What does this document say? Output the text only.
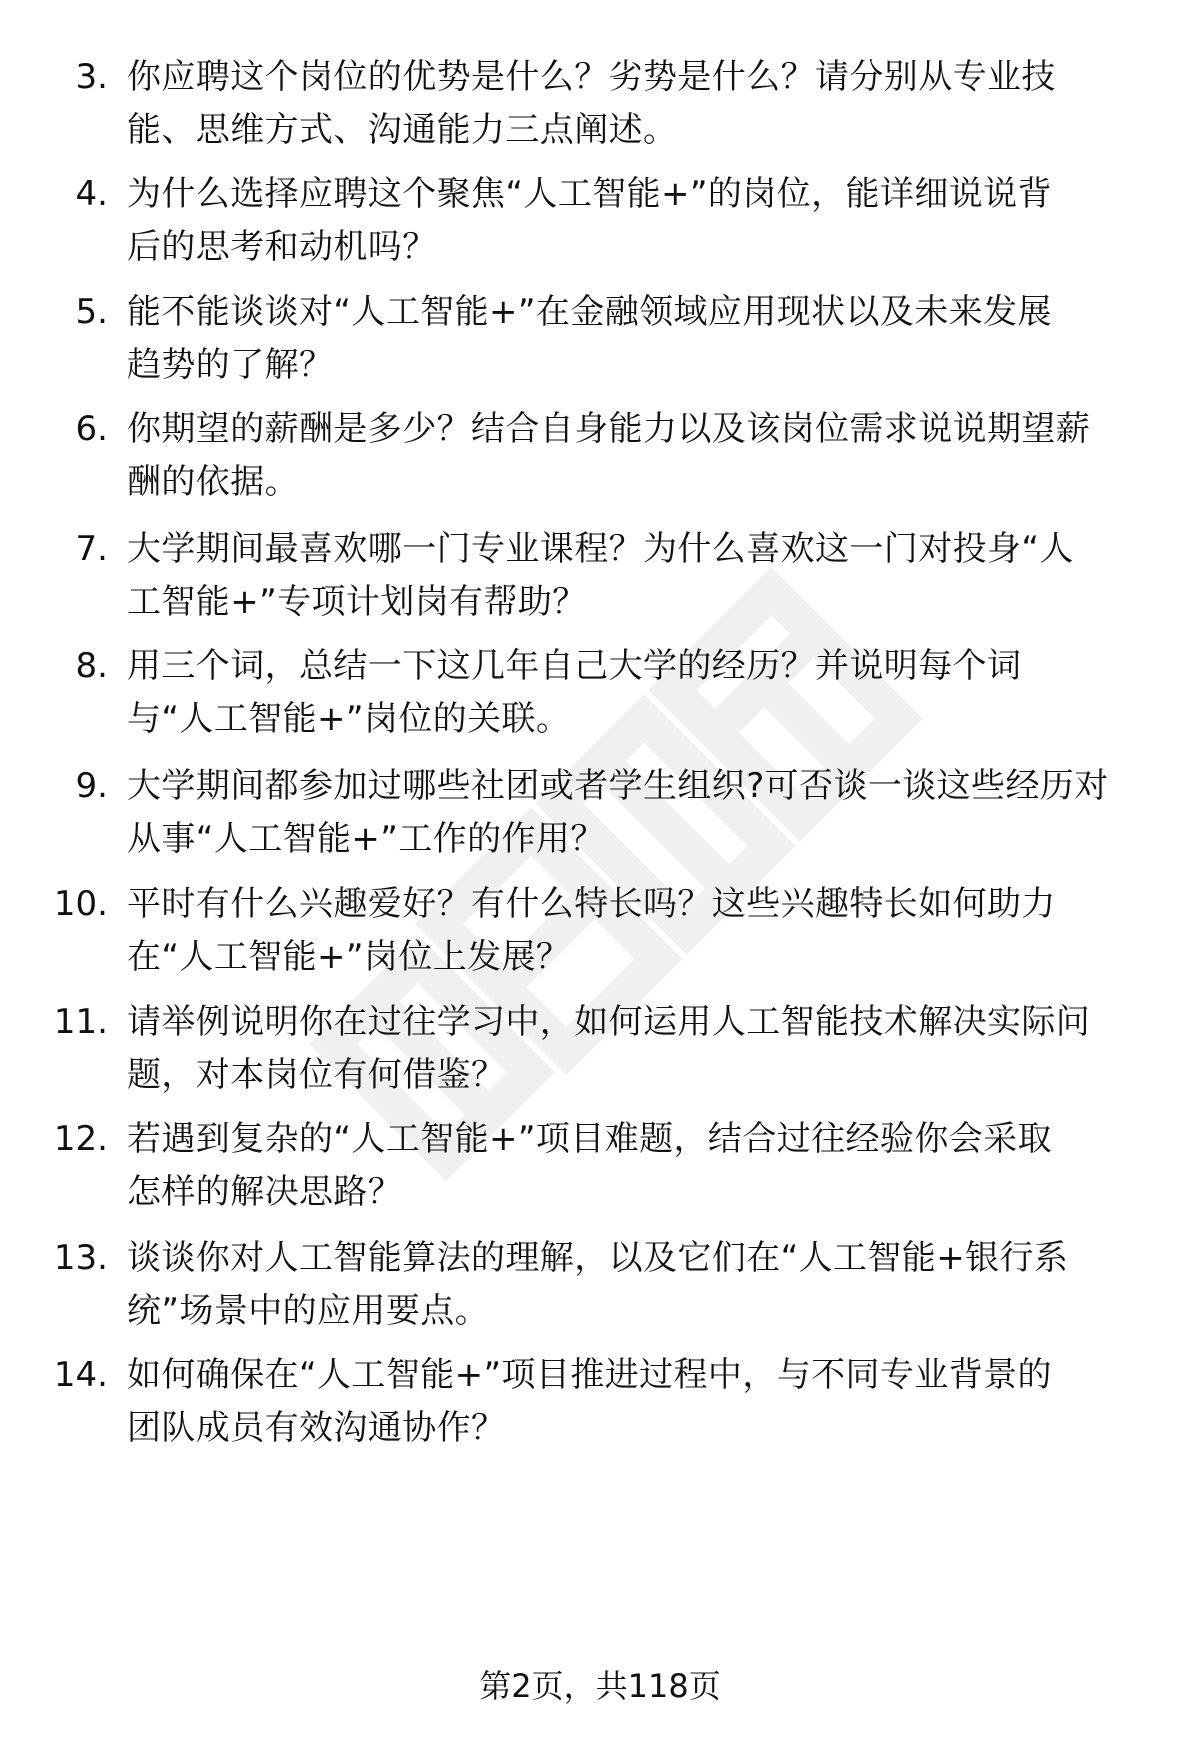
3. 你应聘这个岗位的优势是什么？劣势是什么？请分别从专业技
能、思维方式、沟通能力三点阐述。
4. 为什么选择应聘这个聚焦“人工智能+”的岗位，能详细说说背
后的思考和动机吗？
5. 能不能谈谈对“人工智能+”在金融领域应用现状以及未来发展
趋势的了解？
6. 你期望的薪酬是多少？结合自身能力以及该岗位需求说说期望薪
酬的依据。
7. 大学期间最喜欢哪一门专业课程？为什么喜欢这一门对投身“人
工智能+”专项计划岗有帮助？
8. 用三个词，总结一下这几年自己大学的经历？并说明每个词
与“人工智能+”岗位的关联。
9. 大学期间都参加过哪些社团或者学生组织?可否谈一谈这些经历对
从事“人工智能+”工作的作用？
10. 平时有什么兴趣爱好？有什么特长吗？这些兴趣特长如何助力
在“人工智能+”岗位上发展？
11. 请举例说明你在过往学习中，如何运用人工智能技术解决实际问
题，对本岗位有何借鉴？
12. 若遇到复杂的“人工智能+”项目难题，结合过往经验你会采取
怎样的解决思路？
13. 谈谈你对人工智能算法的理解，以及它们在“人工智能+银行系
统”场景中的应用要点。
14. 如何确保在“人工智能+”项目推进过程中，与不同专业背景的
团队成员有效沟通协作？
第2页，共118页
